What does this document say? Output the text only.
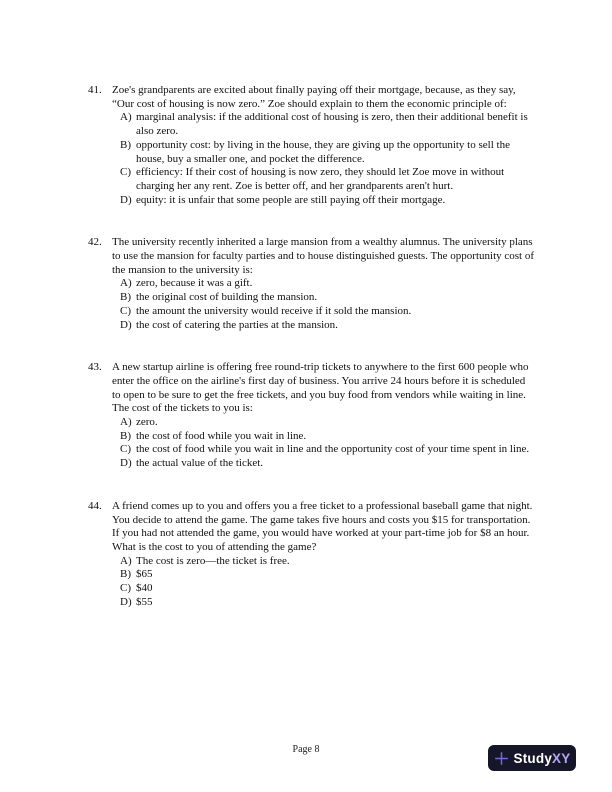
41. Zoe's grandparents are excited about finally paying off their mortgage, because, as they say, “Our cost of housing is now zero.” Zoe should explain to them the economic principle of:
A) marginal analysis: if the additional cost of housing is zero, then their additional benefit is also zero.
B) opportunity cost: by living in the house, they are giving up the opportunity to sell the house, buy a smaller one, and pocket the difference.
C) efficiency: If their cost of housing is now zero, they should let Zoe move in without charging her any rent. Zoe is better off, and her grandparents aren't hurt.
D) equity: it is unfair that some people are still paying off their mortgage.
42. The university recently inherited a large mansion from a wealthy alumnus. The university plans to use the mansion for faculty parties and to house distinguished guests. The opportunity cost of the mansion to the university is:
A) zero, because it was a gift.
B) the original cost of building the mansion.
C) the amount the university would receive if it sold the mansion.
D) the cost of catering the parties at the mansion.
43. A new startup airline is offering free round-trip tickets to anywhere to the first 600 people who enter the office on the airline's first day of business. You arrive 24 hours before it is scheduled to open to be sure to get the free tickets, and you buy food from vendors while waiting in line. The cost of the tickets to you is:
A) zero.
B) the cost of food while you wait in line.
C) the cost of food while you wait in line and the opportunity cost of your time spent in line.
D) the actual value of the ticket.
44. A friend comes up to you and offers you a free ticket to a professional baseball game that night. You decide to attend the game. The game takes five hours and costs you $15 for transportation. If you had not attended the game, you would have worked at your part-time job for $8 an hour. What is the cost to you of attending the game?
A) The cost is zero—the ticket is free.
B) $65
C) $40
D) $55
Page 8
StudyXY
